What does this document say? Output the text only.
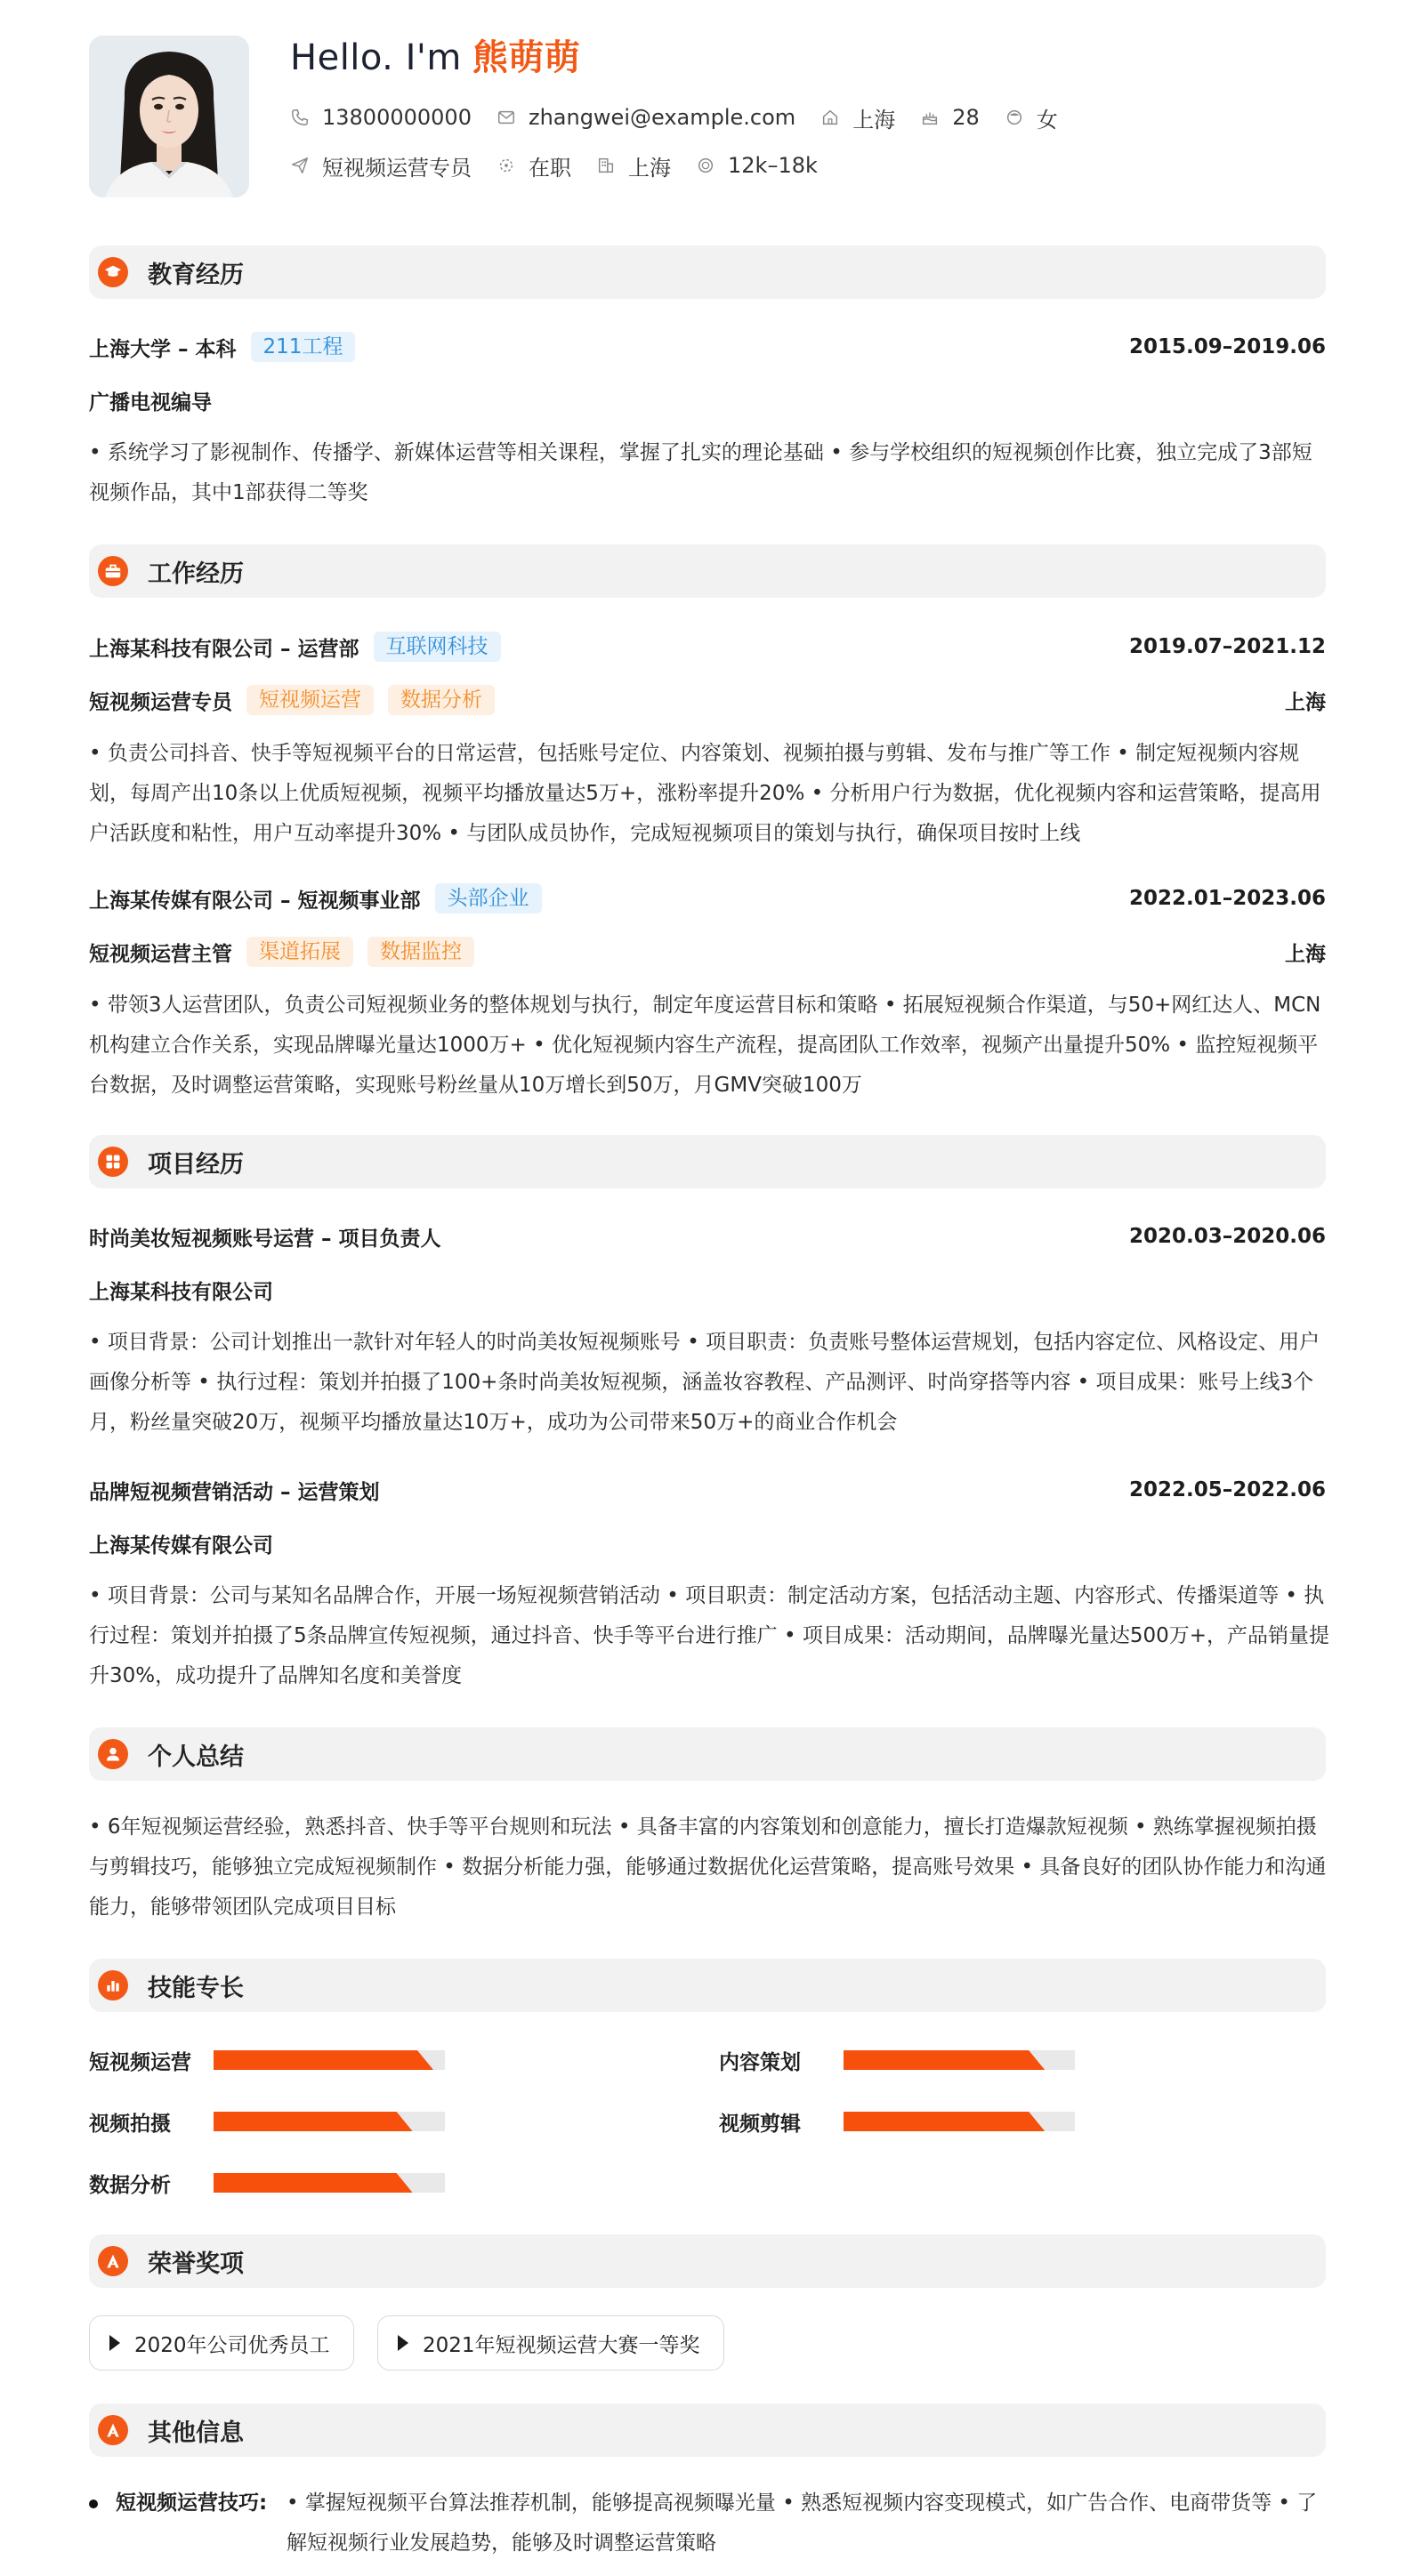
Hello. I'm 熊萌萌
13800000000	zhangwei@example.com	上海	28	女
短视频运营专员	在职	上海	12k–18k
教育经历
上海大学 – 本科	211工程	2015.09–2019.06
广播电视编导
• 系统学习了影视制作、传播学、新媒体运营等相关课程，掌握了扎实的理论基础 • 参与学校组织的短视频创作比赛，独立完成了3部短视频作品，其中1部获得二等奖
工作经历
上海某科技有限公司 – 运营部	互联网科技	2019.07–2021.12
短视频运营专员	短视频运营	数据分析	上海
• 负责公司抖音、快手等短视频平台的日常运营，包括账号定位、内容策划、视频拍摄与剪辑、发布与推广等工作 • 制定短视频内容规划，每周产出10条以上优质短视频，视频平均播放量达5万+，涨粉率提升20% • 分析用户行为数据，优化视频内容和运营策略，提高用户活跃度和粘性，用户互动率提升30% • 与团队成员协作，完成短视频项目的策划与执行，确保项目按时上线
上海某传媒有限公司 – 短视频事业部	头部企业	2022.01–2023.06
短视频运营主管	渠道拓展	数据监控	上海
• 带领3人运营团队，负责公司短视频业务的整体规划与执行，制定年度运营目标和策略 • 拓展短视频合作渠道，与50+网红达人、MCN机构建立合作关系，实现品牌曝光量达1000万+ • 优化短视频内容生产流程，提高团队工作效率，视频产出量提升50% • 监控短视频平台数据，及时调整运营策略，实现账号粉丝量从10万增长到50万，月GMV突破100万
项目经历
时尚美妆短视频账号运营 – 项目负责人	2020.03–2020.06
上海某科技有限公司
• 项目背景：公司计划推出一款针对年轻人的时尚美妆短视频账号 • 项目职责：负责账号整体运营规划，包括内容定位、风格设定、用户画像分析等 • 执行过程：策划并拍摄了100+条时尚美妆短视频，涵盖妆容教程、产品测评、时尚穿搭等内容 • 项目成果：账号上线3个月，粉丝量突破20万，视频平均播放量达10万+，成功为公司带来50万+的商业合作机会
品牌短视频营销活动 – 运营策划	2022.05–2022.06
上海某传媒有限公司
• 项目背景：公司与某知名品牌合作，开展一场短视频营销活动 • 项目职责：制定活动方案，包括活动主题、内容形式、传播渠道等 • 执行过程：策划并拍摄了5条品牌宣传短视频，通过抖音、快手等平台进行推广 • 项目成果：活动期间，品牌曝光量达500万+，产品销量提升30%，成功提升了品牌知名度和美誉度
个人总结
• 6年短视频运营经验，熟悉抖音、快手等平台规则和玩法 • 具备丰富的内容策划和创意能力，擅长打造爆款短视频 • 熟练掌握视频拍摄与剪辑技巧，能够独立完成短视频制作 • 数据分析能力强，能够通过数据优化运营策略，提高账号效果 • 具备良好的团队协作能力和沟通能力，能够带领团队完成项目目标
技能专长
短视频运营	内容策划
视频拍摄	视频剪辑
数据分析
荣誉奖项
2020年公司优秀员工	2021年短视频运营大赛一等奖
其他信息
短视频运营技巧: • 掌握短视频平台算法推荐机制，能够提高视频曝光量 • 熟悉短视频内容变现模式，如广告合作、电商带货等 • 了解短视频行业发展趋势，能够及时调整运营策略
